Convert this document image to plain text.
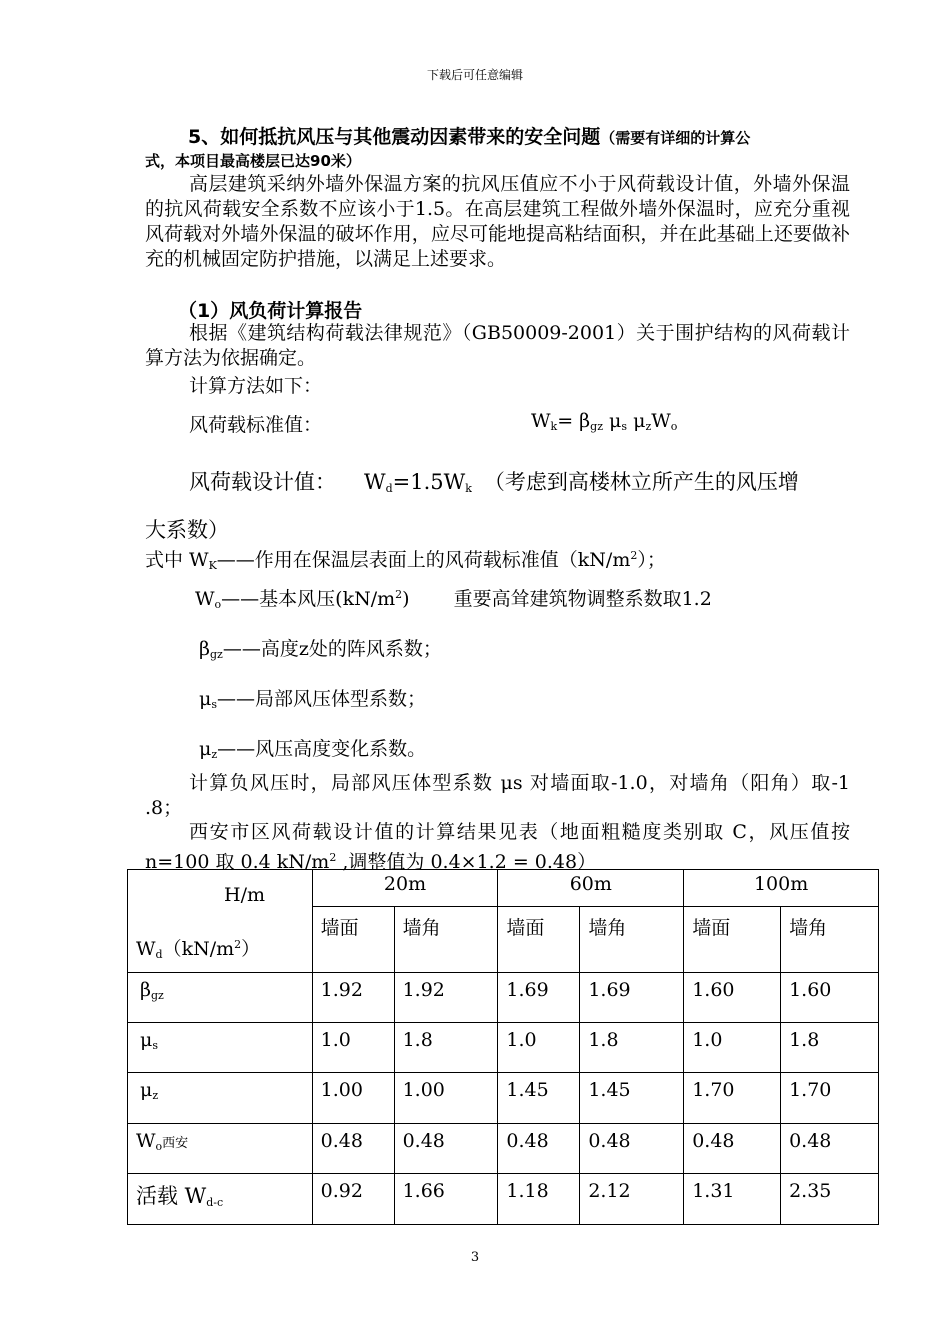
下载后可任意编辑
5、如何抵抗风压与其他震动因素带来的安全问题（需要有详细的计算公
式，本项目最高楼层已达90米）
高层建筑采纳外墙外保温方案的抗风压值应不小于风荷载设计值，外墙外保温的抗风荷载安全系数不应该小于1.5。在高层建筑工程做外墙外保温时，应充分重视风荷载对外墙外保温的破坏作用，应尽可能地提高粘结面积，并在此基础上还要做补充的机械固定防护措施，以满足上述要求。
（1）风负荷计算报告
根据《建筑结构荷载法律规范》（GB50009-2001）关于围护结构的风荷载计算方法为依据确定。
计算方法如下：
风荷载标准值：	$W_k= \beta_{gz}$ $\mu_s$ $\mu_zW_o$
风荷载设计值： $W_d=1.5W_k$ （考虑到高楼林立所产生的风压增
大系数）
式中 $W_K——$作用在保温层表面上的风荷载标准值$(kN/m^2)$；
$W_o——$基本风压$(kN/m^2)$ 重要高耸建筑物调整系数取1.2
$\beta_{gz}——$高度z处的阵风系数；
$\mu_s——$局部风压体型系数；
$\mu_z——$风压高度变化系数。
计算负风压时，局部风压体型系数 μs 对墙面取-1.0，对墙角（阳角）取-1 .8；
西安市区风荷载设计值的计算结果见表（地面粗糙度类别取 C，风压值按 n=100 取 0.4 $kN/m^2$ ,调整值为 0.4×1.2 = 0.48）
H/m
$W_d(kN/m^2)$	20m		60m		100m	
	墙面	墙角	墙面	墙角	墙面	墙角
$\beta_{gz}$	1.92	1.92	1.69	1.69	1.60	1.60
$\mu_s$	1.0	1.8	1.0	1.8	1.0	1.8
$\mu_z$	1.00	1.00	1.45	1.45	1.70	1.70
$W_o$西安	0.48	0.48	0.48	0.48	0.48	0.48
活载 $W_{d-c}$	0.92	1.66	1.18	2.12	1.31	2.35
3
